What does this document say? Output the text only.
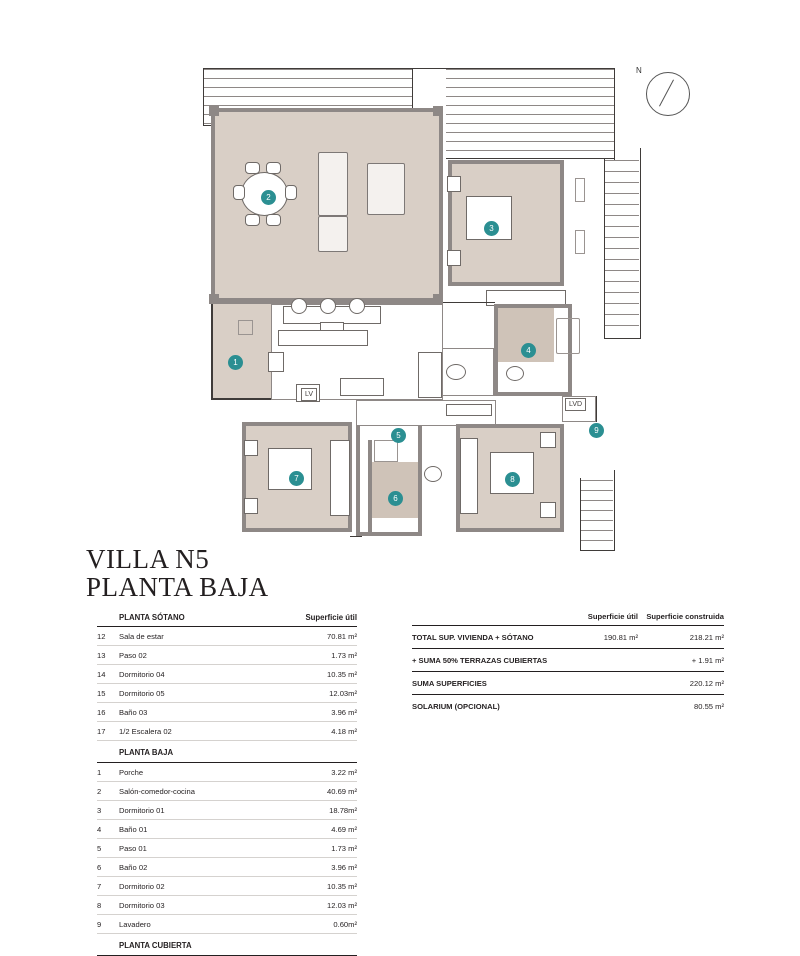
N
LV
LVD
1
2
3
4
5
6
7	8
9
VILLA N5
PLANTA BAJA
	PLANTA SÓTANO	Superficie útil
12	Sala de estar	70.81 m²
13	Paso 02	1.73 m²
14	Dormitorio 04	10.35 m²
15	Dormitorio 05	12.03m²
16	Baño 03	3.96 m²
17	1/2 Escalera 02	4.18 m²
	PLANTA BAJA	
1	Porche	3.22 m²
2	Salón-comedor-cocina	40.69 m²
3	Dormitorio 01	18.78m²
4	Baño 01	4.69 m²
5	Paso 01	1.73 m²
6	Baño 02	3.96 m²
7	Dormitorio 02	10.35 m²
8	Dormitorio 03	12.03 m²
9	Lavadero	0.60m²
	PLANTA CUBIERTA	
	Superficie útil	Superficie construida
TOTAL SUP. VIVIENDA + SÓTANO	190.81 m²	218.21 m²
+ SUMA 50% TERRAZAS CUBIERTAS		+ 1.91 m²
SUMA SUPERFICIES		220.12 m²
SOLARIUM (OPCIONAL)		80.55 m²
